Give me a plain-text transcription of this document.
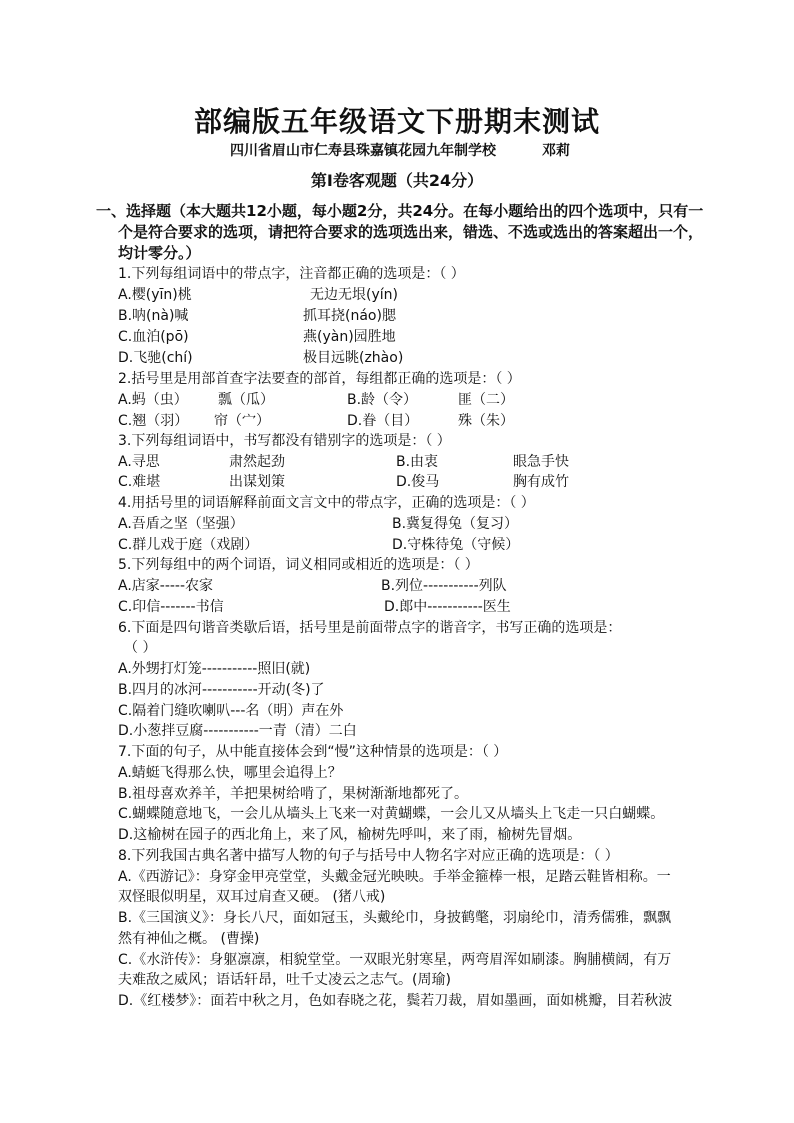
部编版五年级语文下册期末测试
四川省眉山市仁寿县珠嘉镇花园九年制学校	邓莉
第Ⅰ卷客观题（共24分）
一、选择题（本大题共12小题，每小题2分，共24分。在每小题给出的四个选项中，只有一个是符合要求的选项，请把符合要求的选项选出来，错选、不选或选出的答案超出一个，均计零分。）
1.下列每组词语中的带点字，注音都正确的选项是：（ ）
A.樱(yīn)桃	无边无垠(yín)
B.呐(nà)喊	抓耳挠(náo)腮
C.血泊(pō)	燕(yàn)园胜地
D.飞驰(chí)	极目远眺(zhào)
2.括号里是用部首查字法要查的部首，每组都正确的选项是：（ ）
A.蚂（虫） 瓢（瓜）	B.龄（令）	匪（二）
C.翘（羽） 帘（宀）	D.眷（目）	殊（朱）
3.下列每组词语中，书写都没有错别字的选项是：（ ）
A.寻思	肃然起劲	B.由衷	眼急手快
C.难堪	出谋划策	D.俊马	胸有成竹
4.用括号里的词语解释前面文言文中的带点字，正确的选项是：（ ）
A.吾盾之坚（坚强）	B.冀复得兔（复习）
C.群儿戏于庭（戏剧）	D.守株待兔（守候）
5.下列每组中的两个词语，词义相同或相近的选项是：（ ）
A.店家-----农家	B.列位-----------列队
C.印信-------书信	D.郎中-----------医生
6.下面是四句谐音类歇后语，括号里是前面带点字的谐音字，书写正确的选项是：
（ ）
A.外甥打灯笼-----------照旧(就)
B.四月的冰河-----------开动(冬)了
C.隔着门缝吹喇叭---名（明）声在外
D.小葱拌豆腐-----------一青（清）二白
7.下面的句子，从中能直接体会到“慢”这种情景的选项是：（ ）
A.蜻蜓飞得那么快，哪里会追得上？
B.祖母喜欢养羊，羊把果树给啃了，果树渐渐地都死了。
C.蝴蝶随意地飞，一会儿从墙头上飞来一对黄蝴蝶，一会儿又从墙头上飞走一只白蝴蝶。
D.这榆树在园子的西北角上，来了风，榆树先呼叫，来了雨，榆树先冒烟。
8.下列我国古典名著中描写人物的句子与括号中人物名字对应正确的选项是：（ ）
A.《西游记》：身穿金甲亮堂堂，头戴金冠光映映。手举金箍棒一根，足踏云鞋皆相称。一
双怪眼似明星，双耳过肩查又硬。 (猪八戒)
B.《三国演义》：身长八尺，面如冠玉，头戴纶巾，身披鹤氅，羽扇纶巾，清秀儒雅，飘飘
然有神仙之概。 (曹操)
C.《水浒传》：身躯凛凛，相貌堂堂。一双眼光射寒星，两弯眉浑如刷漆。胸脯横阔，有万
夫难敌之威风；语话轩昂，吐千丈凌云之志气。(周瑜)
D.《红楼梦》：面若中秋之月，色如春晓之花，鬓若刀裁，眉如墨画，面如桃瓣，目若秋波
